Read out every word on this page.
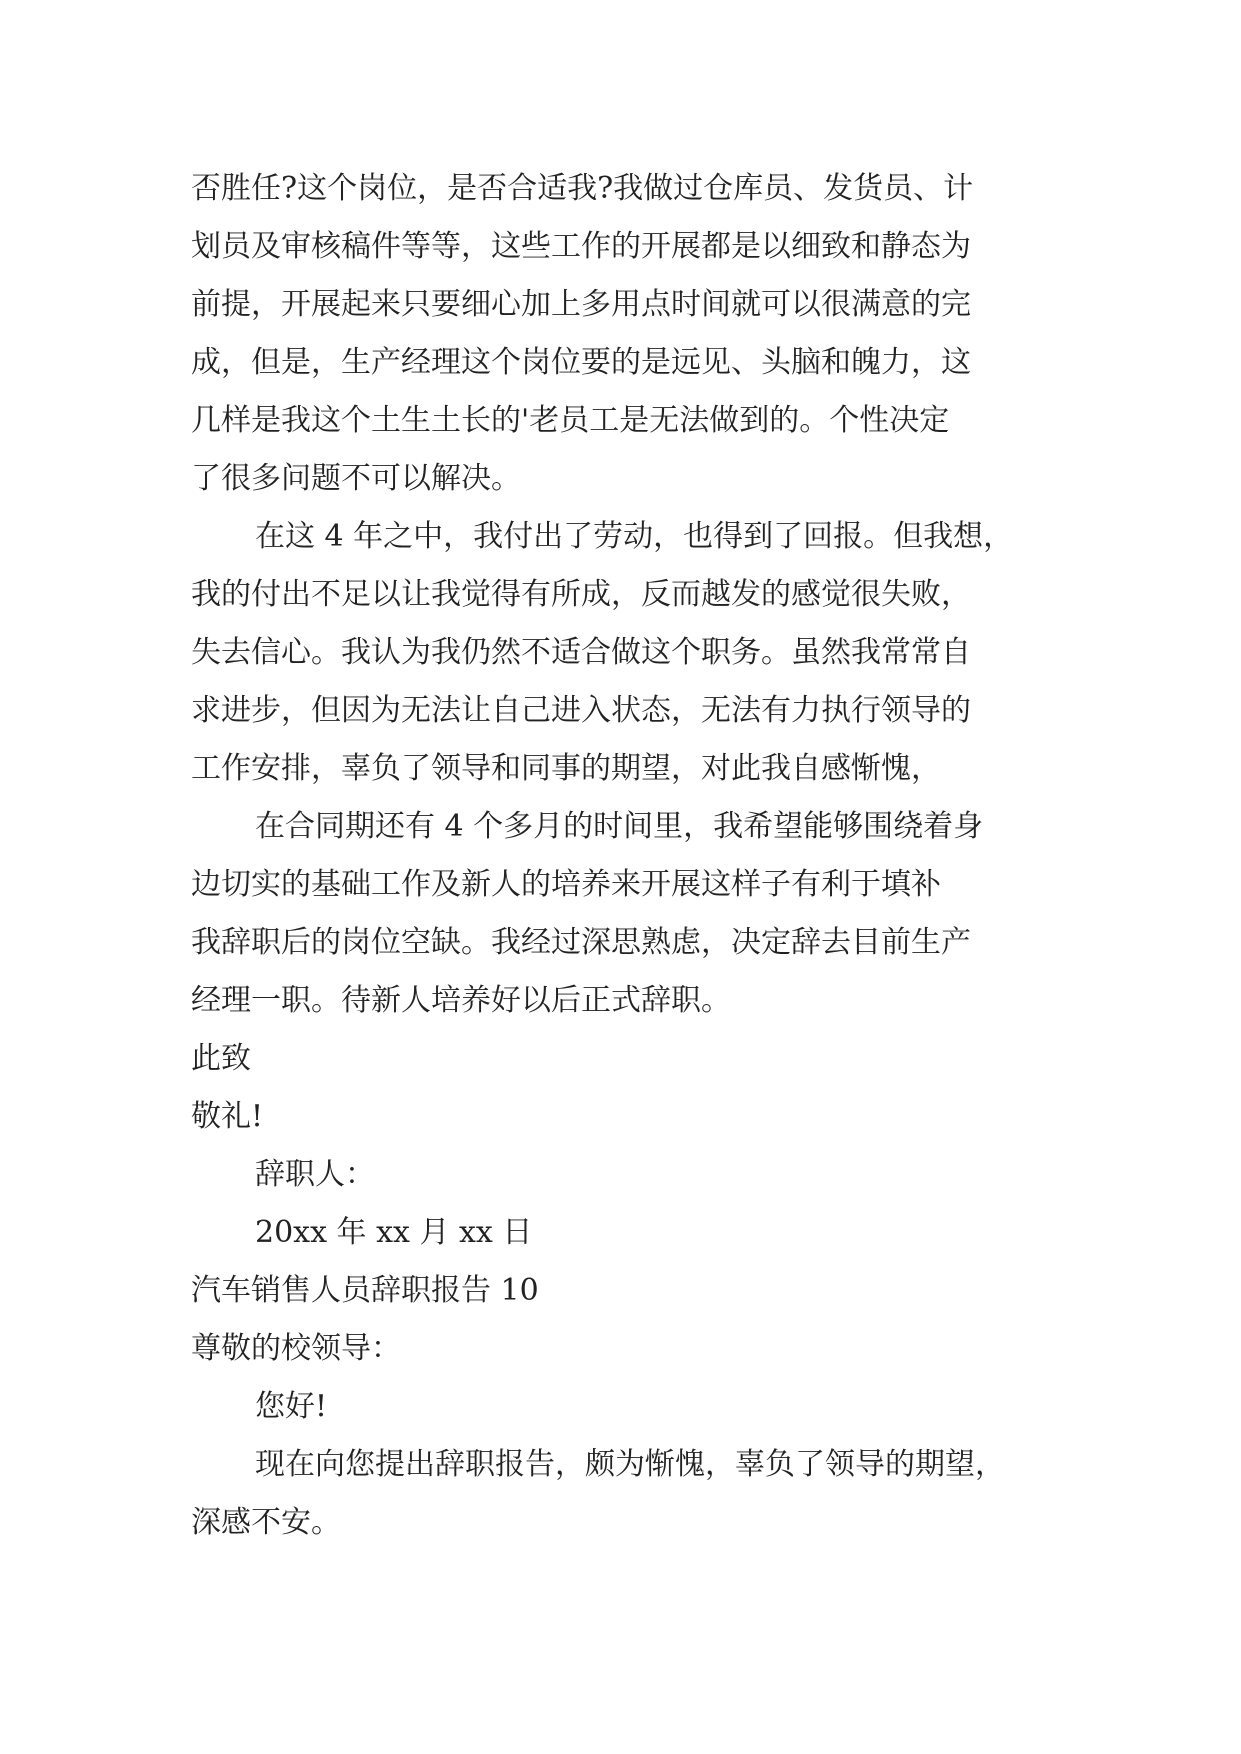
否胜任?这个岗位，是否合适我?我做过仓库员、发货员、计
划员及审核稿件等等，这些工作的开展都是以细致和静态为
前提，开展起来只要细心加上多用点时间就可以很满意的完
成，但是，生产经理这个岗位要的是远见、头脑和魄力，这
几样是我这个土生土长的'老员工是无法做到的。个性决定
了很多问题不可以解决。
在这 4 年之中，我付出了劳动，也得到了回报。但我想，
我的付出不足以让我觉得有所成，反而越发的感觉很失败，
失去信心。我认为我仍然不适合做这个职务。虽然我常常自
求进步，但因为无法让自己进入状态，无法有力执行领导的
工作安排，辜负了领导和同事的期望，对此我自感惭愧，
在合同期还有 4 个多月的时间里，我希望能够围绕着身
边切实的基础工作及新人的培养来开展这样子有利于填补
我辞职后的岗位空缺。我经过深思熟虑，决定辞去目前生产
经理一职。待新人培养好以后正式辞职。
此致
敬礼!
辞职人：
20xx 年 xx 月 xx 日
汽车销售人员辞职报告 10
尊敬的校领导：
您好!
现在向您提出辞职报告，颇为惭愧，辜负了领导的期望，
深感不安。
